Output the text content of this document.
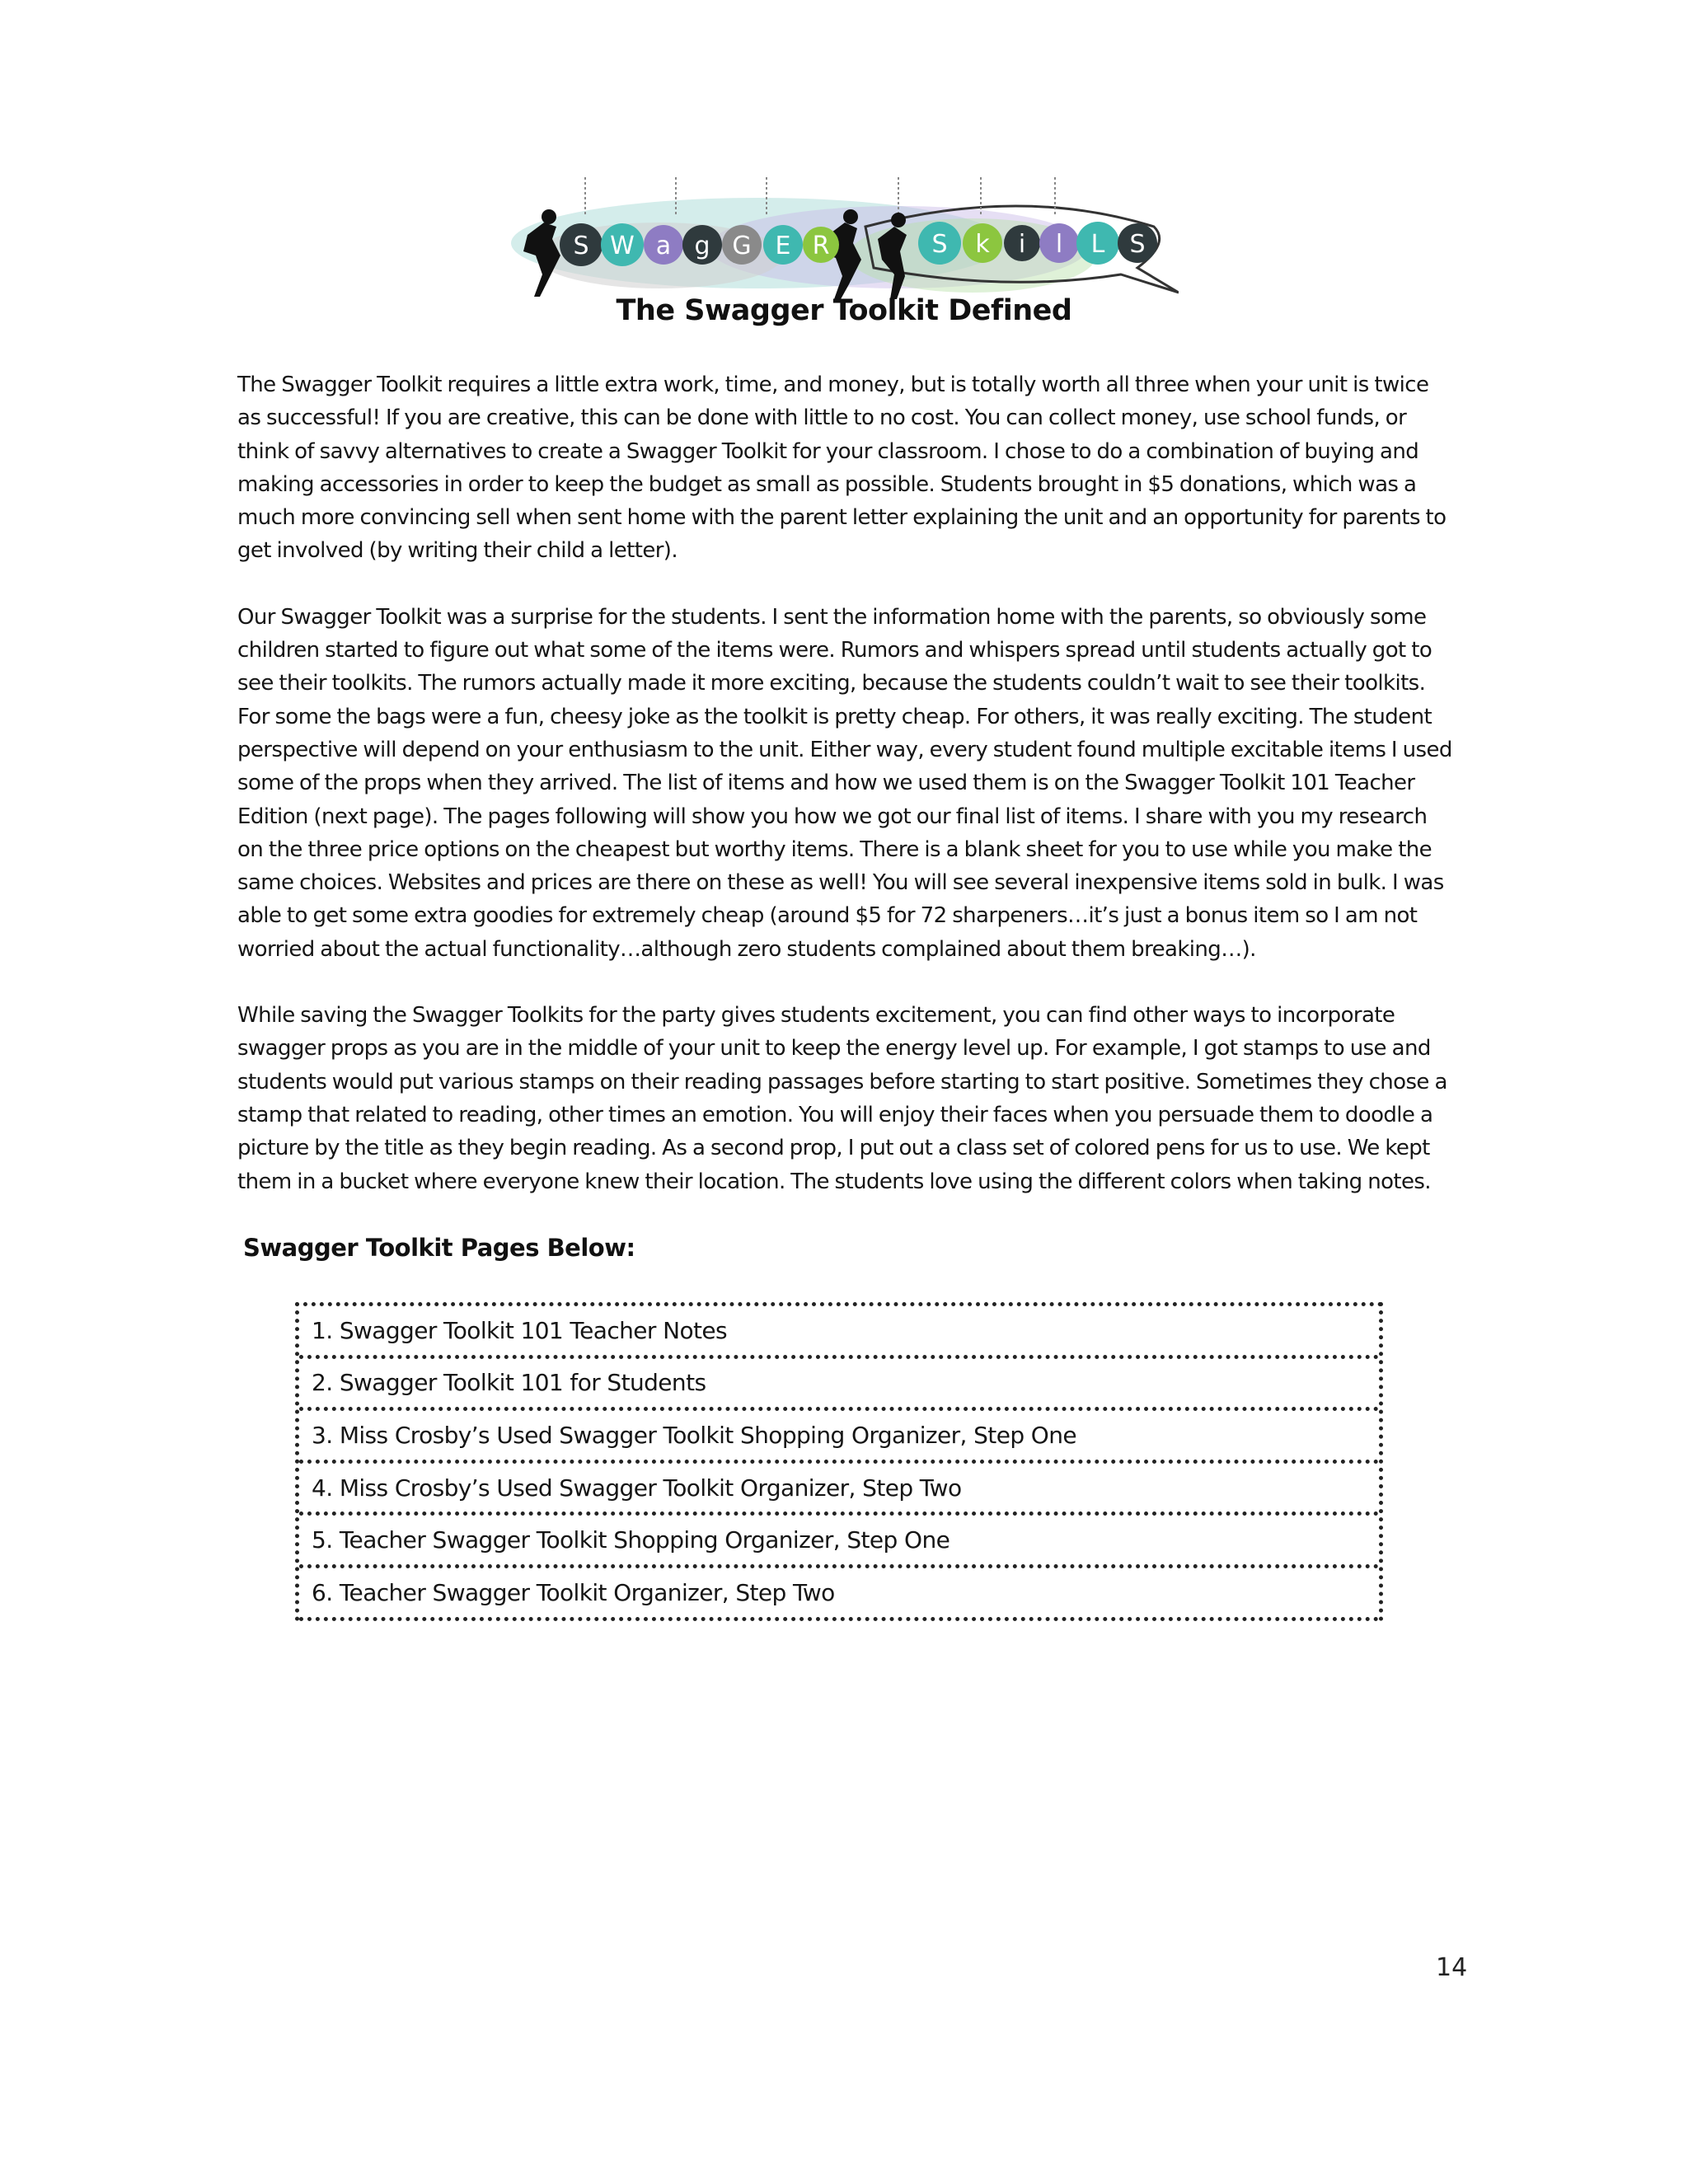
S W a g G E R	S k i l L S
The Swagger Toolkit Defined

The Swagger Toolkit requires a little extra work, time, and money, but is totally worth all three when your unit is twice as successful! If you are creative, this can be done with little to no cost. You can collect money, use school funds, or think of savvy alternatives to create a Swagger Toolkit for your classroom. I chose to do a combination of buying and making accessories in order to keep the budget as small as possible. Students brought in $5 donations, which was a much more convincing sell when sent home with the parent letter explaining the unit and an opportunity for parents to get involved (by writing their child a letter).

Our Swagger Toolkit was a surprise for the students. I sent the information home with the parents, so obviously some children started to figure out what some of the items were. Rumors and whispers spread until students actually got to see their toolkits. The rumors actually made it more exciting, because the students couldn’t wait to see their toolkits. For some the bags were a fun, cheesy joke as the toolkit is pretty cheap. For others, it was really exciting. The student perspective will depend on your enthusiasm to the unit. Either way, every student found multiple excitable items I used some of the props when they arrived. The list of items and how we used them is on the Swagger Toolkit 101 Teacher Edition (next page). The pages following will show you how we got our final list of items. I share with you my research on the three price options on the cheapest but worthy items. There is a blank sheet for you to use while you make the same choices. Websites and prices are there on these as well! You will see several inexpensive items sold in bulk. I was able to get some extra goodies for extremely cheap (around $5 for 72 sharpeners…it’s just a bonus item so I am not worried about the actual functionality…although zero students complained about them breaking…).

While saving the Swagger Toolkits for the party gives students excitement, you can find other ways to incorporate swagger props as you are in the middle of your unit to keep the energy level up. For example, I got stamps to use and students would put various stamps on their reading passages before starting to start positive. Sometimes they chose a stamp that related to reading, other times an emotion. You will enjoy their faces when you persuade them to doodle a picture by the title as they begin reading. As a second prop, I put out a class set of colored pens for us to use. We kept them in a bucket where everyone knew their location. The students love using the different colors when taking notes.

Swagger Toolkit Pages Below:
1. Swagger Toolkit 101 Teacher Notes
2. Swagger Toolkit 101 for Students
3. Miss Crosby’s Used Swagger Toolkit Shopping Organizer, Step One
4. Miss Crosby’s Used Swagger Toolkit Organizer, Step Two
5. Teacher Swagger Toolkit Shopping Organizer, Step One
6. Teacher Swagger Toolkit Organizer, Step Two
14
